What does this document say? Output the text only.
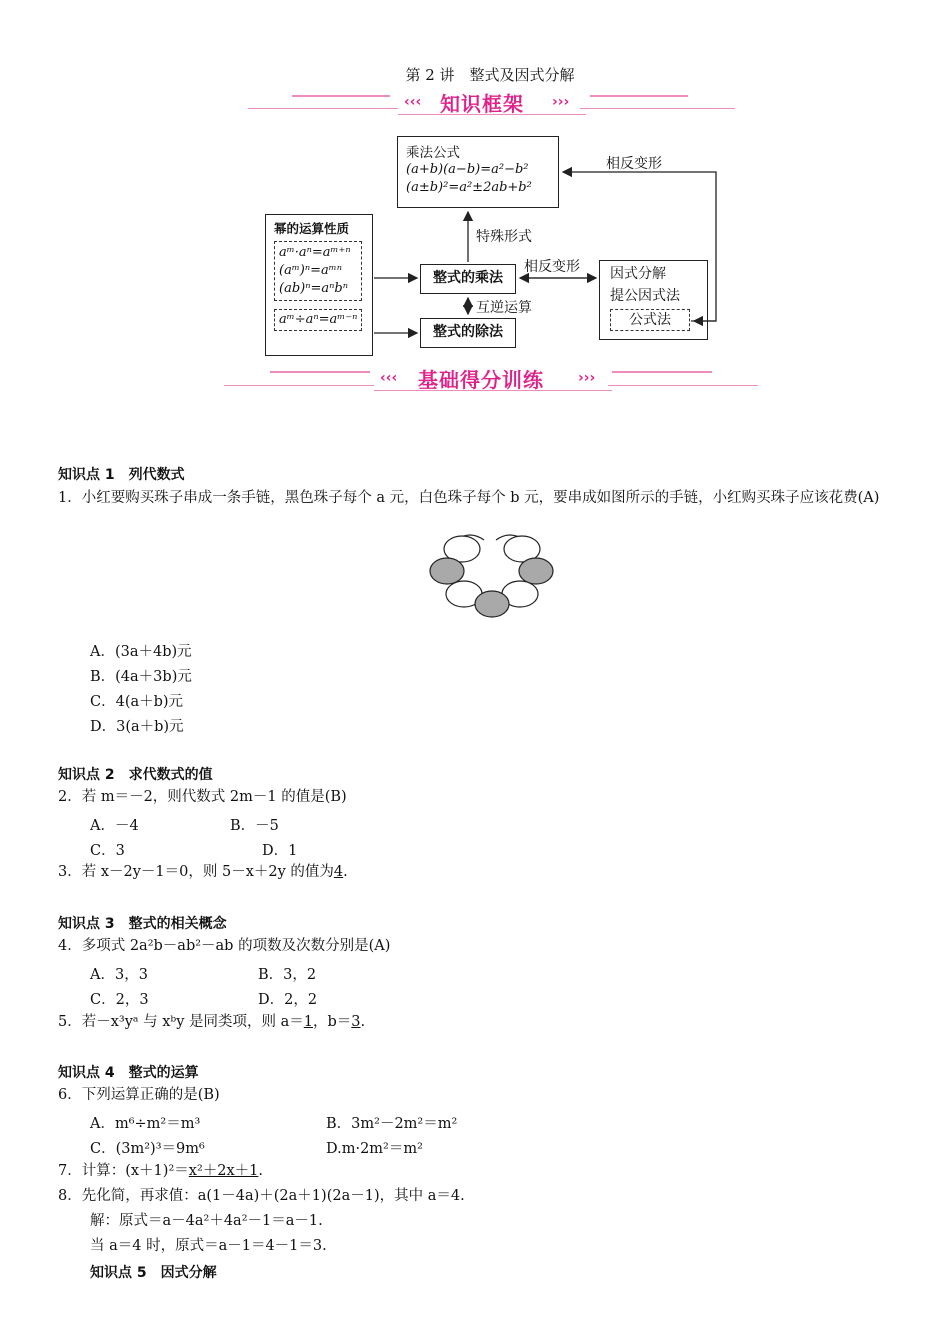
第 2 讲　整式及因式分解
‹‹‹ 知识框架 ›››
乘法公式
(a+b)(a−b)=a²−b²
(a±b)²=a²±2ab+b²
幂的运算性质
aᵐ·aⁿ=aᵐ⁺ⁿ
(aᵐ)ⁿ=aᵐⁿ
(ab)ⁿ=aⁿbⁿ
aᵐ÷aⁿ=aᵐ⁻ⁿ
整式的乘法
整式的除法
因式分解
提公因式法
公式法
特殊形式
互逆运算
相反变形
相反变形
‹‹‹ 基础得分训练 ›››
知识点 1　列代数式
1．小红要购买珠子串成一条手链，黑色珠子每个 a 元，白色珠子每个 b 元，要串成如图所示的手链，小红购买珠子应该花费(A)
A．(3a＋4b)元
B．(4a＋3b)元
C．4(a＋b)元
D．3(a＋b)元
知识点 2　求代数式的值
2．若 m＝－2，则代数式 2m－1 的值是(B)
A．－4	B．－5
C．3	D．1
3．若 x－2y－1＝0，则 5－x＋2y 的值为4.
知识点 3　整式的相关概念
4．多项式 2a²b－ab²－ab 的项数及次数分别是(A)
A．3，3	B．3，2
C．2，3	D．2，2
5．若－x³yᵃ 与 xᵇy 是同类项，则 a＝1，b＝3.
知识点 4　整式的运算
6．下列运算正确的是(B)
A．m⁶÷m²＝m³	B．3m²－2m²＝m²
C．(3m²)³＝9m⁶	D.m·2m²＝m²
7．计算：(x＋1)²＝x²＋2x＋1.
8．先化简，再求值：a(1－4a)＋(2a＋1)(2a－1)，其中 a＝4.
解：原式＝a－4a²＋4a²－1＝a－1.
当 a＝4 时，原式＝a－1＝4－1＝3.
知识点 5　因式分解
